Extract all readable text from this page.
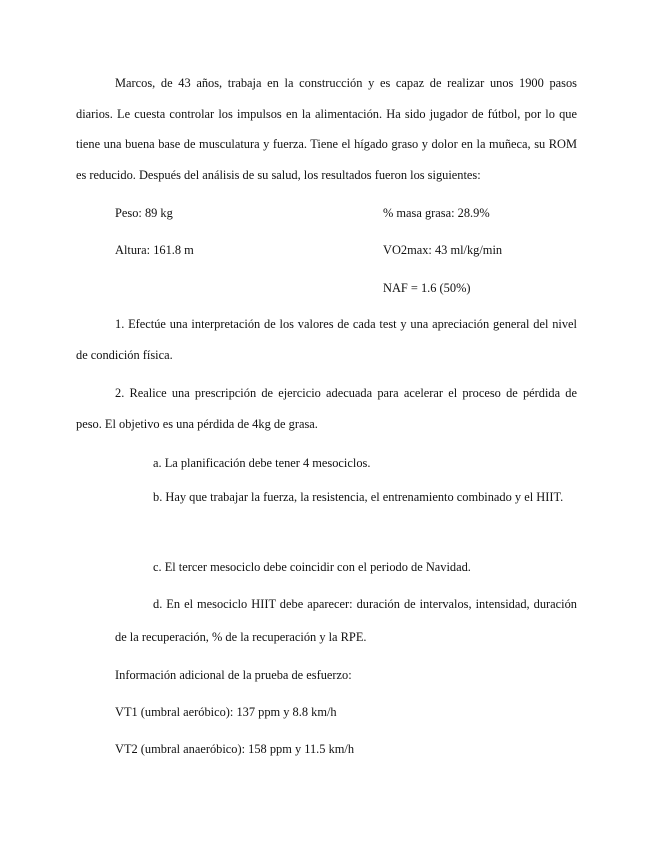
Marcos, de 43 años, trabaja en la construcción y es capaz de realizar unos 1900 pasos diarios. Le cuesta controlar los impulsos en la alimentación. Ha sido jugador de fútbol, por lo que tiene una buena base de musculatura y fuerza. Tiene el hígado graso y dolor en la muñeca, su ROM es reducido. Después del análisis de su salud, los resultados fueron los siguientes:

Peso: 89 kg	% masa grasa: 28.9%

Altura: 161.8 m	VO2max: 43 ml/kg/min

NAF = 1.6 (50%)

1. Efectúe una interpretación de los valores de cada test y una apreciación general del nivel de condición física.

2. Realice una prescripción de ejercicio adecuada para acelerar el proceso de pérdida de peso. El objetivo es una pérdida de 4kg de grasa.

a. La planificación debe tener 4 mesociclos.

b. Hay que trabajar la fuerza, la resistencia, el entrenamiento combinado y el HIIT.

c. El tercer mesociclo debe coincidir con el periodo de Navidad.

d. En el mesociclo HIIT debe aparecer: duración de intervalos, intensidad, duración de la recuperación, % de la recuperación y la RPE.

Información adicional de la prueba de esfuerzo:

VT1 (umbral aeróbico): 137 ppm y 8.8 km/h

VT2 (umbral anaeróbico): 158 ppm y 11.5 km/h
